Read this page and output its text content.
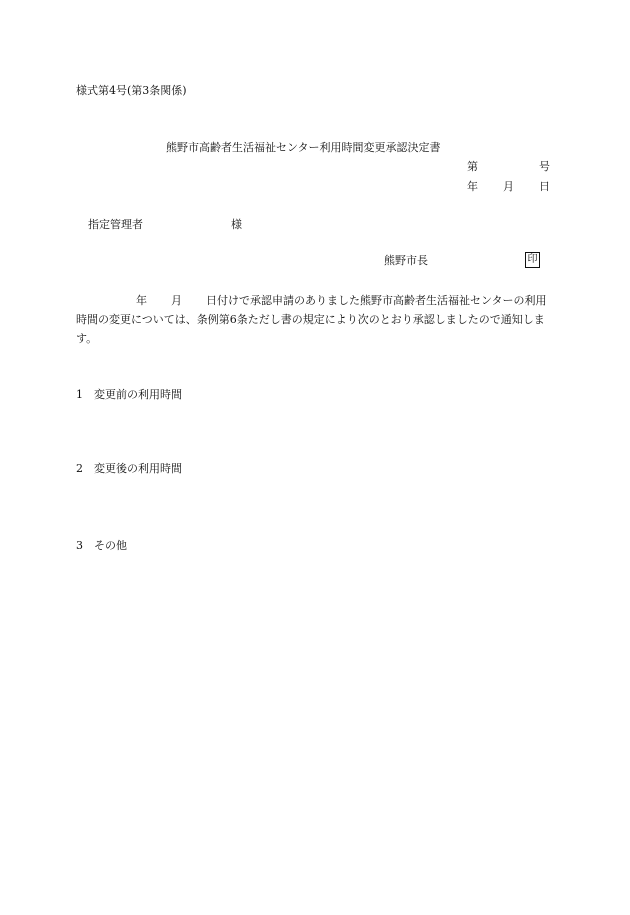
様式第4号(第3条関係)
熊野市高齢者生活福祉センター利用時間変更承認決定書
第	号
年 月 日
指定管理者	様
熊野市長	印
年 月 日付けで承認申請のありました熊野市高齢者生活福祉センターの利用時間の変更については、条例第6条ただし書の規定により次のとおり承認しましたので通知します。
1 変更前の利用時間
2 変更後の利用時間
3 その他
